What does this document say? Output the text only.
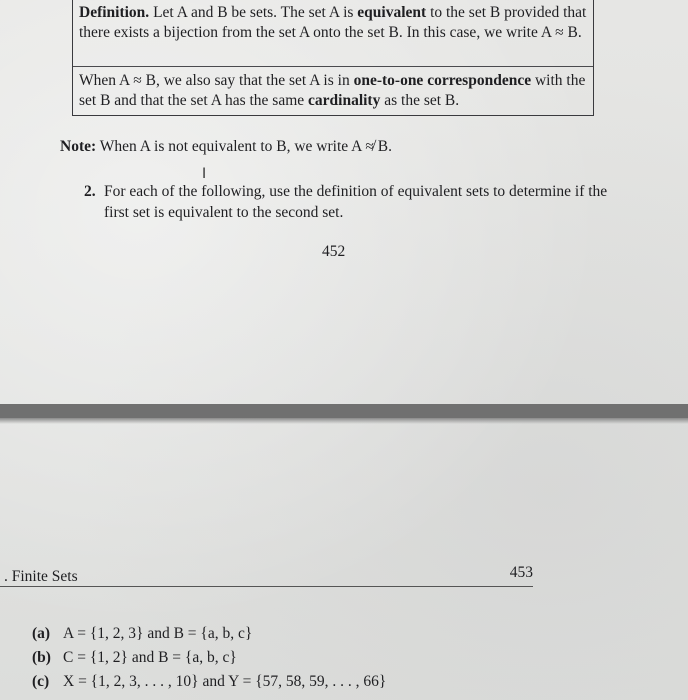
Definition. Let A and B be sets. The set A is equivalent to the set B provided that there exists a bijection from the set A onto the set B. In this case, we write A ≈ B.

When A ≈ B, we also say that the set A is in one-to-one correspondence with the set B and that the set A has the same cardinality as the set B.

Note: When A is not equivalent to B, we write A ≉ B.
Ι
2. For each of the following, use the definition of equivalent sets to determine if the first set is equivalent to the second set.
452
. Finite Sets	453
(a) A = {1, 2, 3} and B = {a, b, c}
(b) C = {1, 2} and B = {a, b, c}
(c) X = {1, 2, 3, . . . , 10} and Y = {57, 58, 59, . . . , 66}
